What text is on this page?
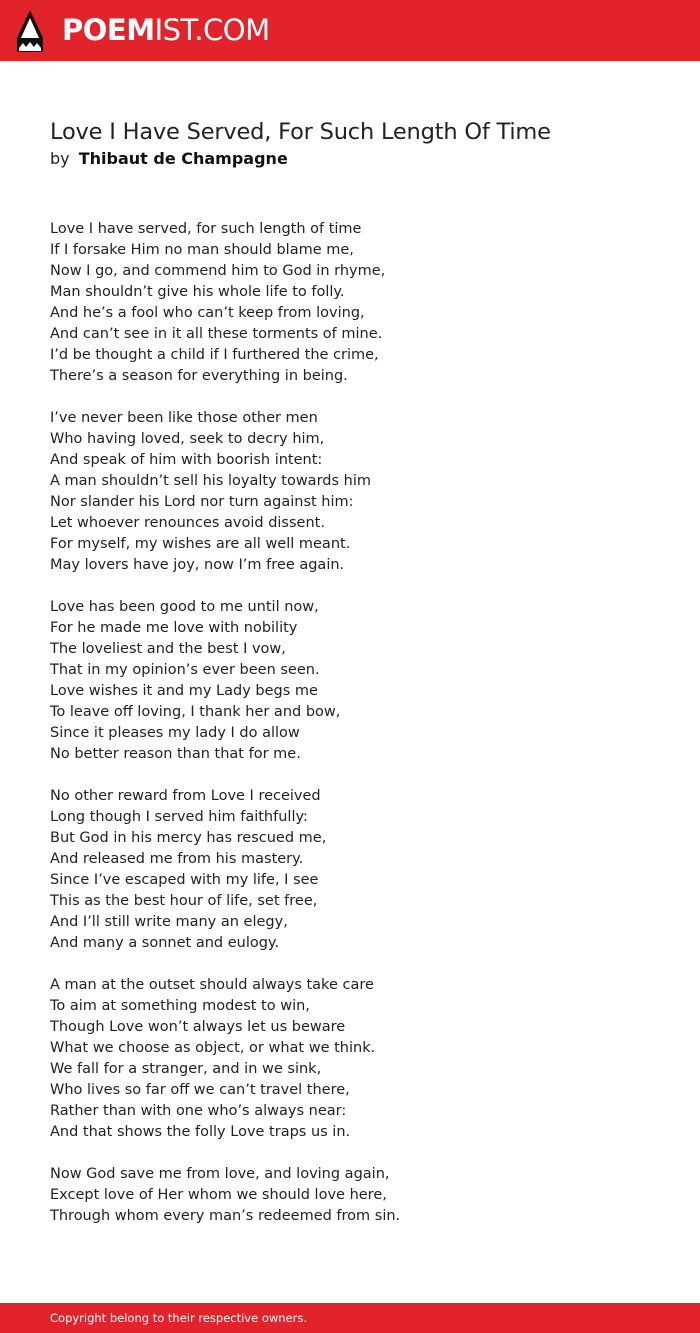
POEMIST.COM
Love I Have Served, For Such Length Of Time
by Thibaut de Champagne
Love I have served, for such length of time
If I forsake Him no man should blame me,
Now I go, and commend him to God in rhyme,
Man shouldn’t give his whole life to folly.
And he’s a fool who can’t keep from loving,
And can’t see in it all these torments of mine.
I’d be thought a child if I furthered the crime,
There’s a season for everything in being.
I’ve never been like those other men
Who having loved, seek to decry him,
And speak of him with boorish intent:
A man shouldn’t sell his loyalty towards him
Nor slander his Lord nor turn against him:
Let whoever renounces avoid dissent.
For myself, my wishes are all well meant.
May lovers have joy, now I’m free again.
Love has been good to me until now,
For he made me love with nobility
The loveliest and the best I vow,
That in my opinion’s ever been seen.
Love wishes it and my Lady begs me
To leave off loving, I thank her and bow,
Since it pleases my lady I do allow
No better reason than that for me.
No other reward from Love I received
Long though I served him faithfully:
But God in his mercy has rescued me,
And released me from his mastery.
Since I’ve escaped with my life, I see
This as the best hour of life, set free,
And I’ll still write many an elegy,
And many a sonnet and eulogy.
A man at the outset should always take care
To aim at something modest to win,
Though Love won’t always let us beware
What we choose as object, or what we think.
We fall for a stranger, and in we sink,
Who lives so far off we can’t travel there,
Rather than with one who’s always near:
And that shows the folly Love traps us in.
Now God save me from love, and loving again,
Except love of Her whom we should love here,
Through whom every man’s redeemed from sin.
Copyright belong to their respective owners.
